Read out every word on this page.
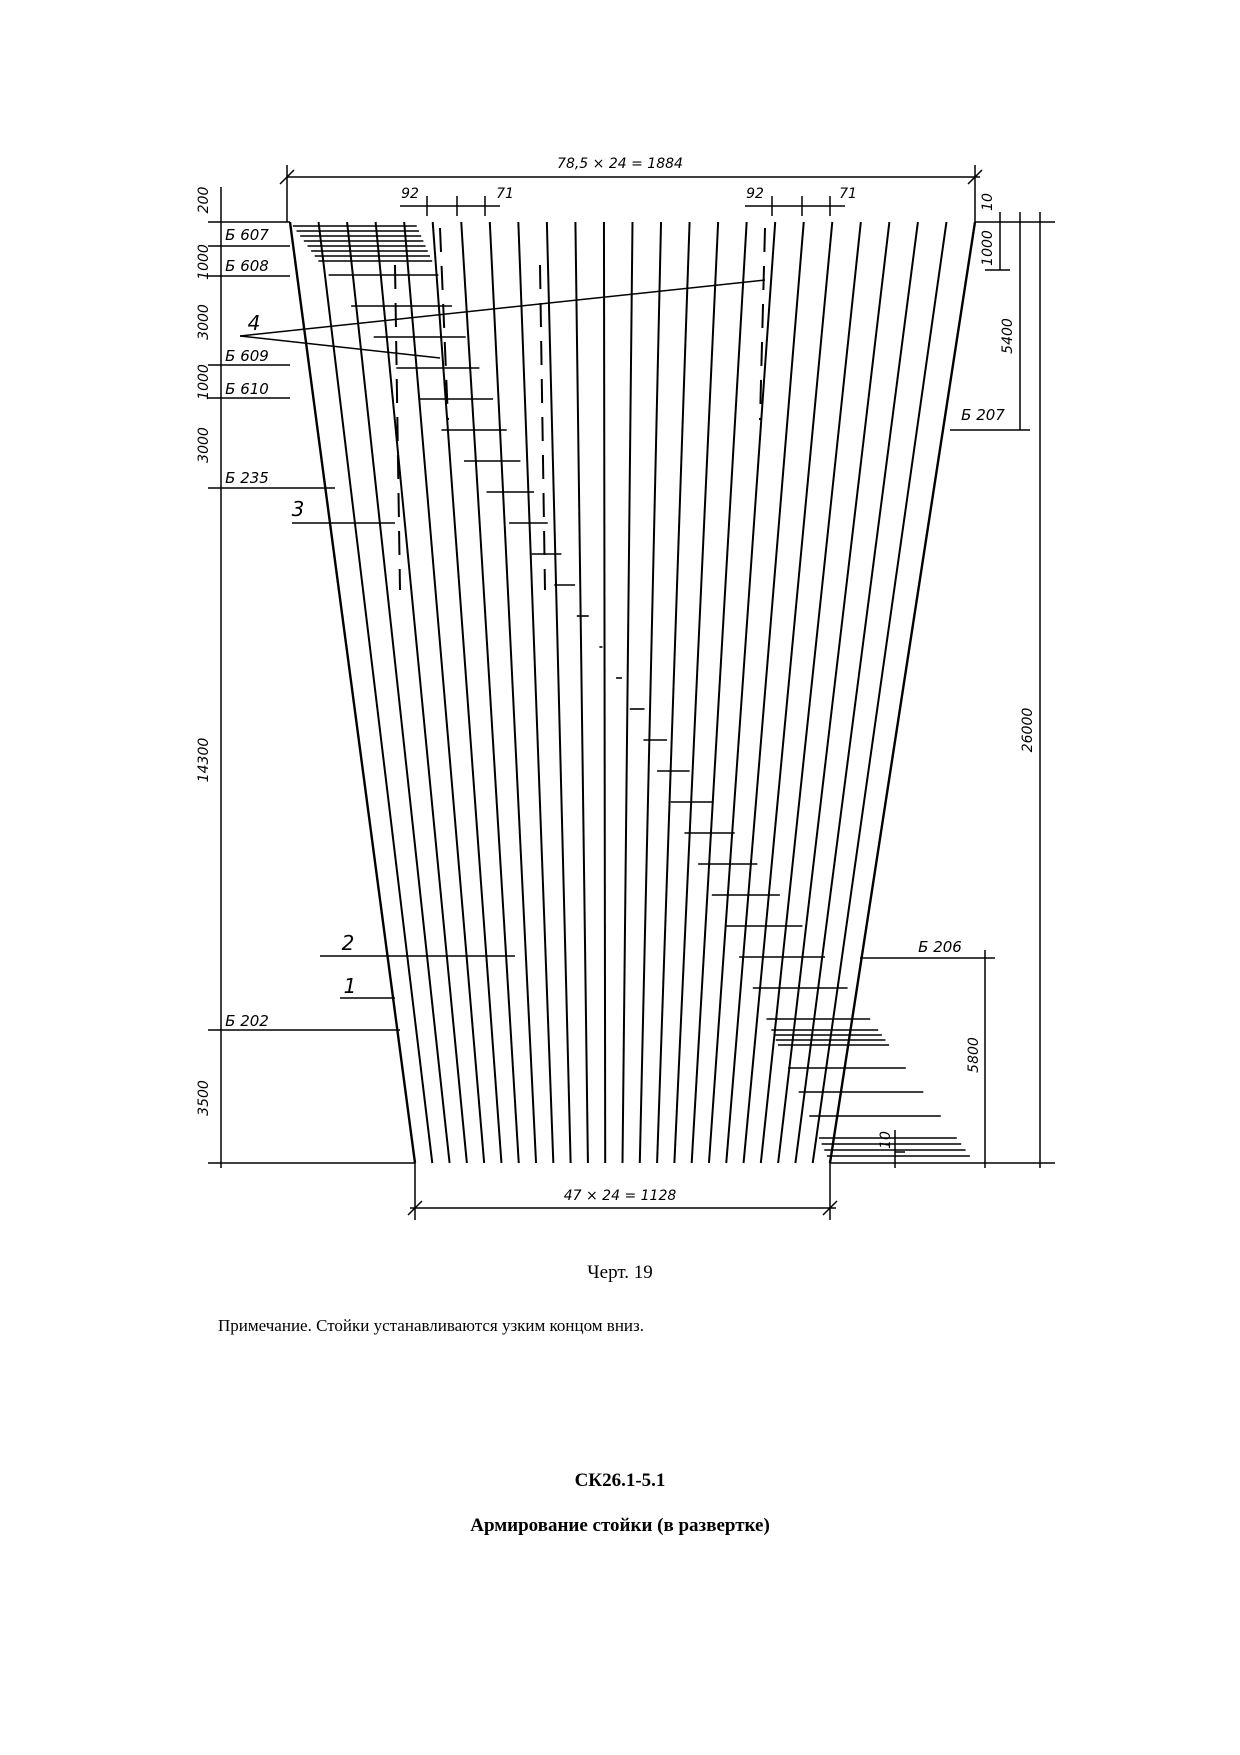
78,5 × 24 = 1884
47 × 24 = 1128
92	71	92	71
200
1000
3000
1000
3000
14300
3500
10
1000
5400
26000
5800
10
Б 607
Б 608
Б 609
Б 610
Б 235
Б 202
Б 207
Б 206
4
3
2
1
Черт. 19
Примечание. Стойки устанавливаются узким концом вниз.
СК26.1-5.1
Армирование стойки (в развертке)
